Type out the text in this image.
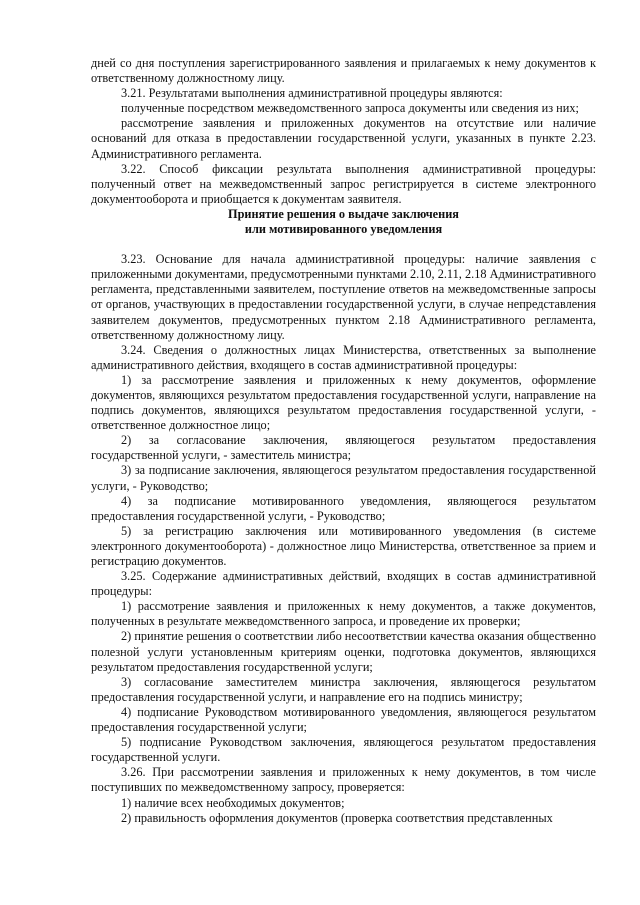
дней со дня поступления зарегистрированного заявления и прилагаемых к нему документов к ответственному должностному лицу.

3.21. Результатами выполнения административной процедуры являются:

полученные посредством межведомственного запроса документы или сведения из них;

рассмотрение заявления и приложенных документов на отсутствие или наличие оснований для отказа в предоставлении государственной услуги, указанных в пункте 2.23. Административного регламента.

3.22. Способ фиксации результата выполнения административной процедуры: полученный ответ на межведомственный запрос регистрируется в системе электронного документооборота и приобщается к документам заявителя.

Принятие решения о выдаче заключения
или мотивированного уведомления

3.23. Основание для начала административной процедуры: наличие заявления с приложенными документами, предусмотренными пунктами 2.10, 2.11, 2.18 Административного регламента, представленными заявителем, поступление ответов на межведомственные запросы от органов, участвующих в предоставлении государственной услуги, в случае непредставления заявителем документов, предусмотренных пунктом 2.18 Административного регламента, ответственному должностному лицу.

3.24. Сведения о должностных лицах Министерства, ответственных за выполнение административного действия, входящего в состав административной процедуры:

1) за рассмотрение заявления и приложенных к нему документов, оформление документов, являющихся результатом предоставления государственной услуги, направление на подпись документов, являющихся результатом предоставления государственной услуги, - ответственное должностное лицо;

2) за согласование заключения, являющегося результатом предоставления государственной услуги, - заместитель министра;

3) за подписание заключения, являющегося результатом предоставления государственной услуги, - Руководство;

4) за подписание мотивированного уведомления, являющегося результатом предоставления государственной услуги, - Руководство;

5) за регистрацию заключения или мотивированного уведомления (в системе электронного документооборота) - должностное лицо Министерства, ответственное за прием и регистрацию документов.

3.25. Содержание административных действий, входящих в состав административной процедуры:

1) рассмотрение заявления и приложенных к нему документов, а также документов, полученных в результате межведомственного запроса, и проведение их проверки;

2) принятие решения о соответствии либо несоответствии качества оказания общественно полезной услуги установленным критериям оценки, подготовка документов, являющихся результатом предоставления государственной услуги;

3) согласование заместителем министра заключения, являющегося результатом предоставления государственной услуги, и направление его на подпись министру;

4) подписание Руководством мотивированного уведомления, являющегося результатом предоставления государственной услуги;

5) подписание Руководством заключения, являющегося результатом предоставления государственной услуги.

3.26. При рассмотрении заявления и приложенных к нему документов, в том числе поступивших по межведомственному запросу, проверяется:

1) наличие всех необходимых документов;

2) правильность оформления документов (проверка соответствия представленных
